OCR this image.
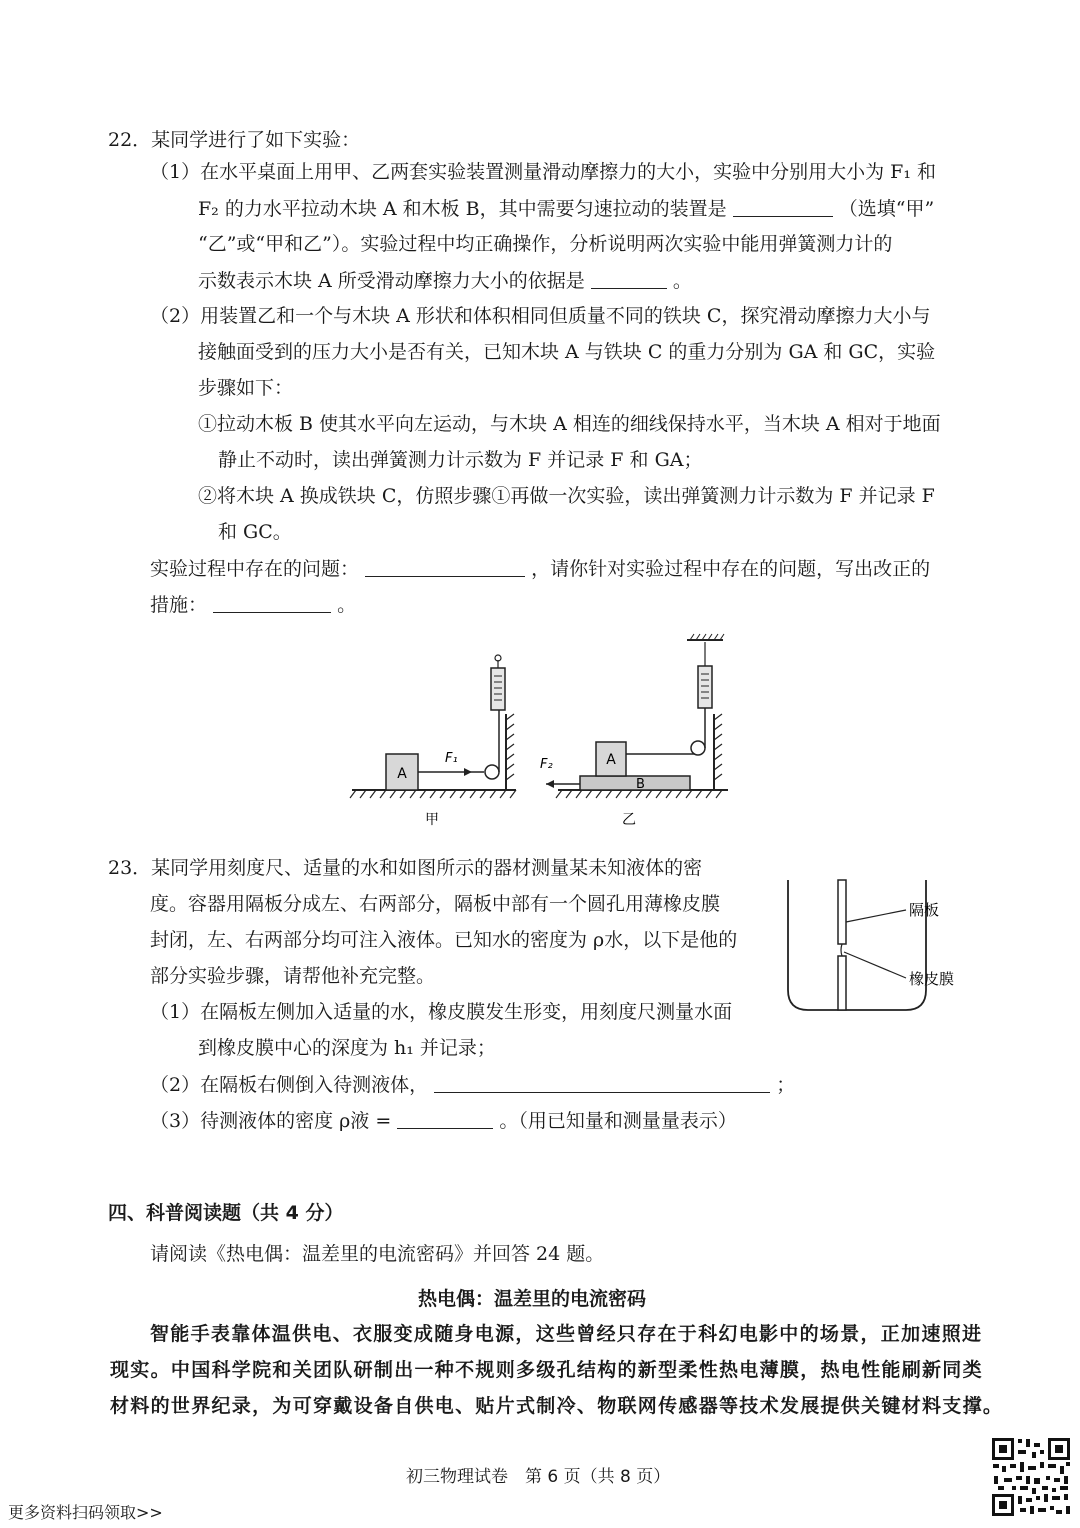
22．某同学进行了如下实验：
（1）在水平桌面上用甲、乙两套实验装置测量滑动摩擦力的大小，实验中分别用大小为 F₁ 和
F₂ 的力水平拉动木块 A 和木板 B，其中需要匀速拉动的装置是	（选填“甲”
“乙”或“甲和乙”）。实验过程中均正确操作，分析说明两次实验中能用弹簧测力计的
示数表示木块 A 所受滑动摩擦力大小的依据是	。
（2）用装置乙和一个与木块 A 形状和体积相同但质量不同的铁块 C，探究滑动摩擦力大小与
接触面受到的压力大小是否有关，已知木块 A 与铁块 C 的重力分别为 GA 和 GC，实验
步骤如下：
①拉动木板 B 使其水平向左运动，与木块 A 相连的细线保持水平，当木块 A 相对于地面
静止不动时，读出弹簧测力计示数为 F 并记录 F 和 GA；
②将木块 A 换成铁块 C，仿照步骤①再做一次实验，读出弹簧测力计示数为 F 并记录 F
和 GC。
实验过程中存在的问题：	，请你针对实验过程中存在的问题，写出改正的
措施：	。
A
F₁
甲
B
A
F₂
乙
23．某同学用刻度尺、适量的水和如图所示的器材测量某未知液体的密
度。容器用隔板分成左、右两部分，隔板中部有一个圆孔用薄橡皮膜
封闭，左、右两部分均可注入液体。已知水的密度为 ρ水，以下是他的
部分实验步骤，请帮他补充完整。
（1）在隔板左侧加入适量的水，橡皮膜发生形变，用刻度尺测量水面
到橡皮膜中心的深度为 h₁ 并记录；
（2）在隔板右侧倒入待测液体，	；
（3）待测液体的密度 ρ液 =	。（用已知量和测量量表示）
隔板
橡皮膜
四、科普阅读题（共 4 分）
请阅读《热电偶：温差里的电流密码》并回答 24 题。
热电偶：温差里的电流密码
智能手表靠体温供电、衣服变成随身电源，这些曾经只存在于科幻电影中的场景，正加速照进
现实。中国科学院和关团队研制出一种不规则多级孔结构的新型柔性热电薄膜，热电性能刷新同类
材料的世界纪录，为可穿戴设备自供电、贴片式制冷、物联网传感器等技术发展提供关键材料支撑。
初三物理试卷　第 6 页（共 8 页）
更多资料扫码领取>>
